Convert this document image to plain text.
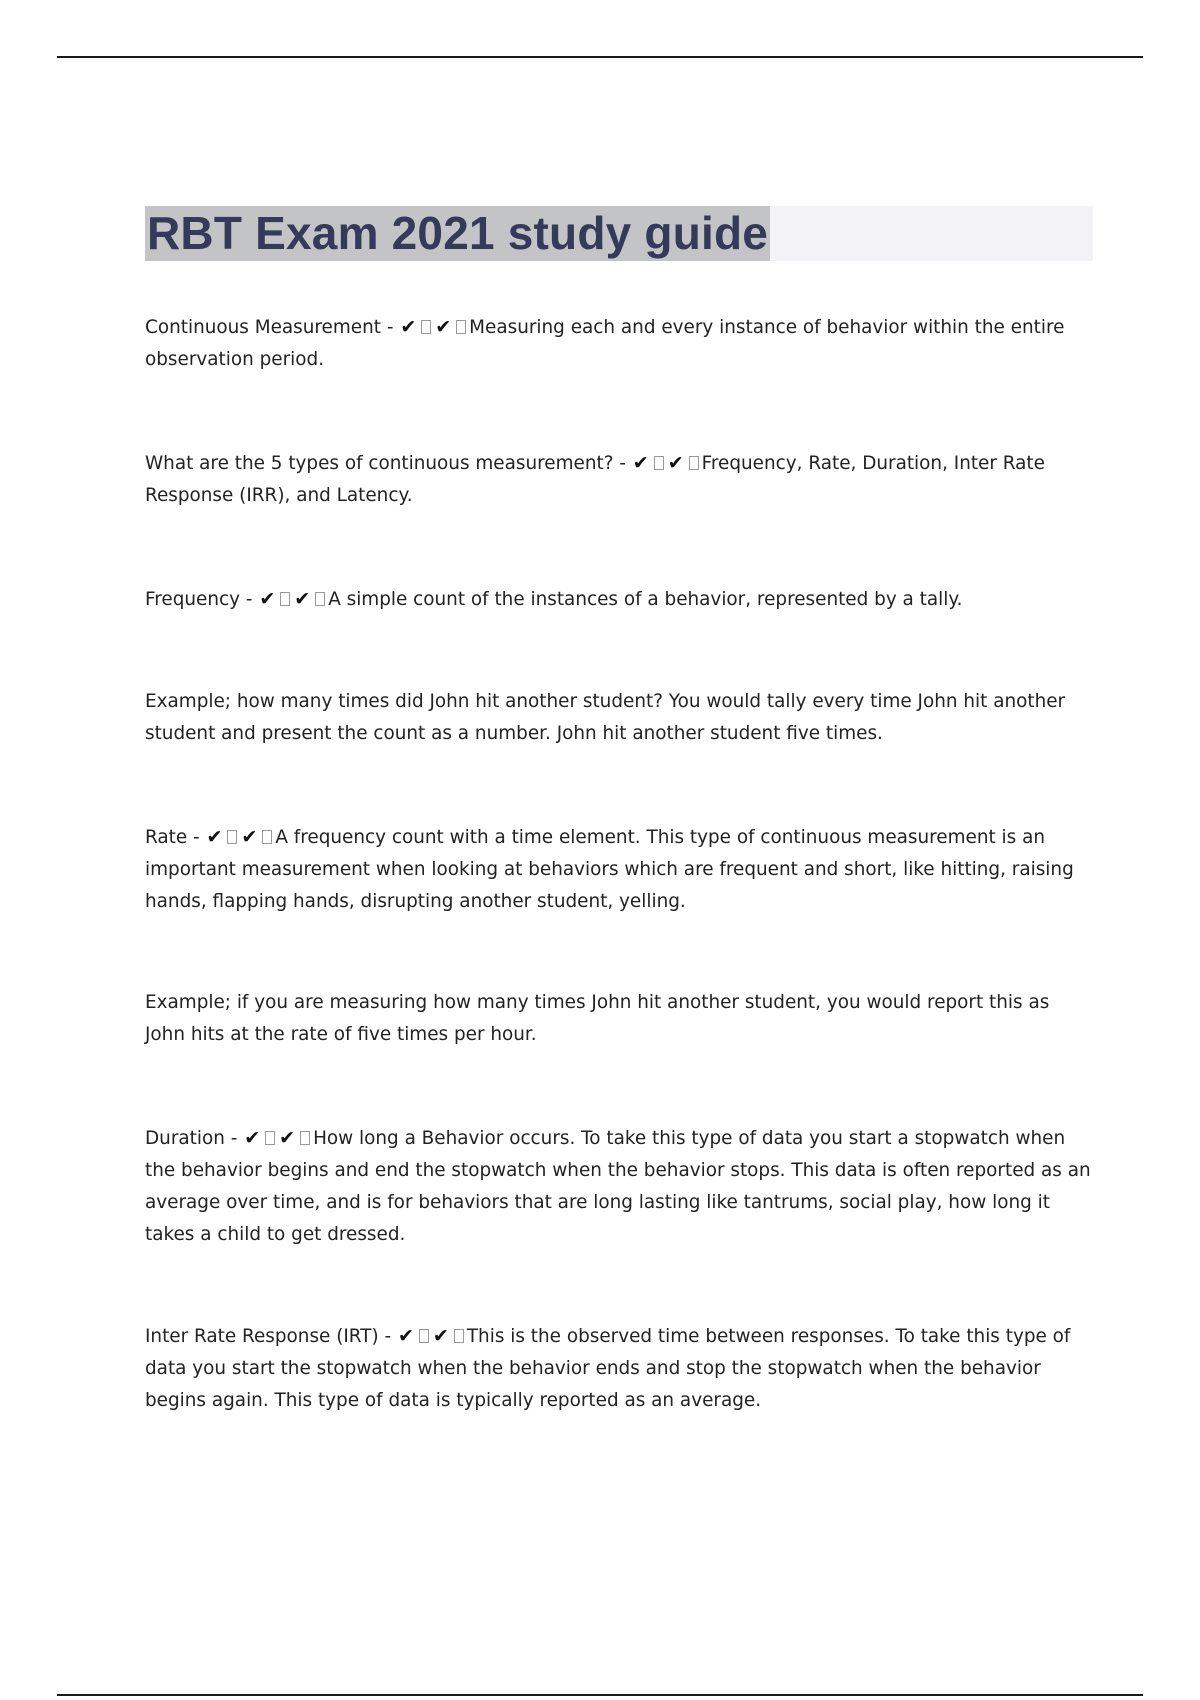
RBT Exam 2021 study guide

Continuous Measurement - ✔ ✔ Measuring each and every instance of behavior within the entire observation period.

What are the 5 types of continuous measurement? - ✔ ✔ Frequency, Rate, Duration, Inter Rate Response (IRR), and Latency.

Frequency - ✔ ✔ A simple count of the instances of a behavior, represented by a tally.

Example; how many times did John hit another student? You would tally every time John hit another student and present the count as a number. John hit another student five times.

Rate - ✔ ✔ A frequency count with a time element. This type of continuous measurement is an important measurement when looking at behaviors which are frequent and short, like hitting, raising hands, flapping hands, disrupting another student, yelling.

Example; if you are measuring how many times John hit another student, you would report this as John hits at the rate of five times per hour.

Duration - ✔ ✔ How long a Behavior occurs. To take this type of data you start a stopwatch when the behavior begins and end the stopwatch when the behavior stops. This data is often reported as an average over time, and is for behaviors that are long lasting like tantrums, social play, how long it takes a child to get dressed.

Inter Rate Response (IRT) - ✔ ✔ This is the observed time between responses. To take this type of data you start the stopwatch when the behavior ends and stop the stopwatch when the behavior begins again. This type of data is typically reported as an average.
